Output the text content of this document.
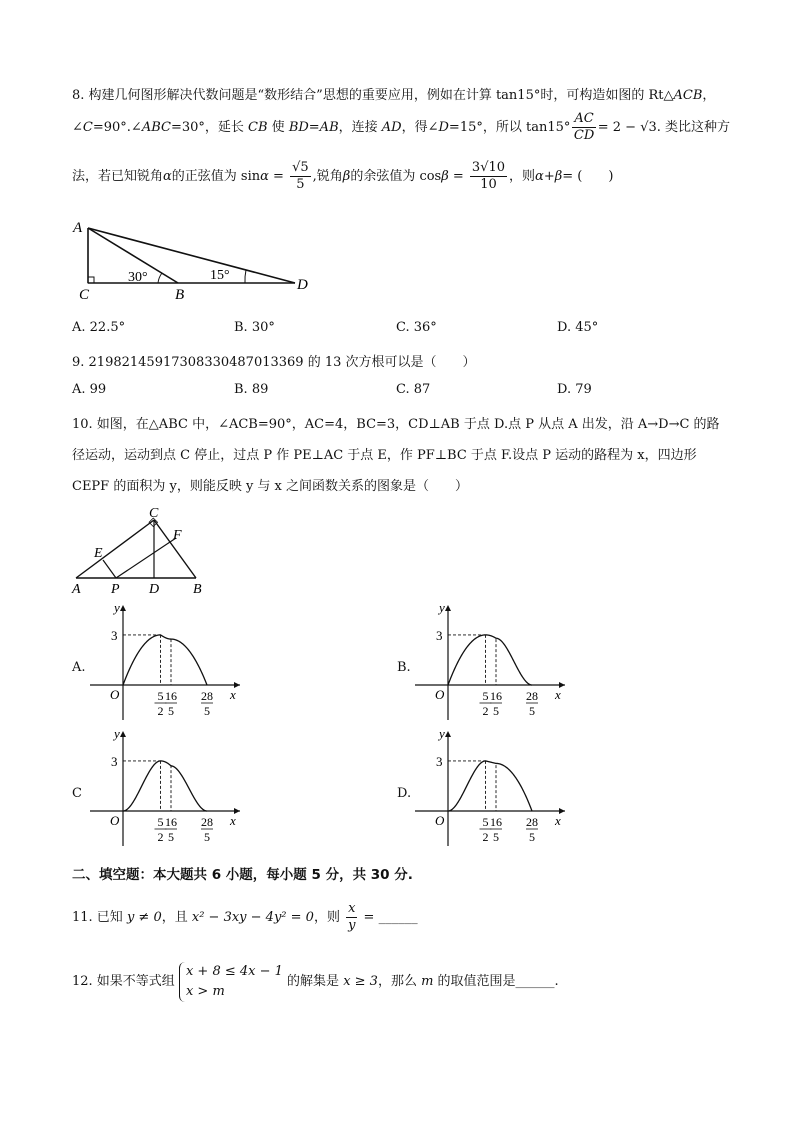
8. 构建几何图形解决代数问题是“数形结合”思想的重要应用，例如在计算 tan15°时，可构造如图的 Rt△ACB，
∠C=90°.∠ABC=30°，延长 CB 使 BD=AB，连接 AD，得∠D=15°，所以 $\tan 15^\circ \frac{AC}{CD} = 2 - √3$. 类比这种方
法，若已知锐角α的正弦值为 $\sin\alpha = \frac{√5}{5}$ ,锐角β的余弦值为 $\cos\beta = \frac{3√10}{10}$ ，则α+β= (　　)
A
C	B
D
30°	15°
A. 22.5°	B. 30°	C. 36°	D. 45°
9. 2198214591730833048701336​9 的 13 次方根可以是（　　）
A. 99	B. 89	C. 87	D. 79
10. 如图，在△ABC 中，∠ACB=90°，AC=4，BC=3，CD⊥AB 于点 D.点 P 从点 A 出发，沿 A→D→C 的路
径运动，运动到点 C 停止，过点 P 作 PE⊥AC 于点 E，作 PF⊥BC 于点 F.设点 P 运动的路程为 x，四边形
CEPF 的面积为 y，则能反映 y 与 x 之间函数关系的图象是（　　）
C
F
E
A P D B
A.	B.
C	D.
y
x
O
3
5
2
16
5
28
5
y
x
O
3
5
2
16
5
28
5
y
x
O
3
5
2
16
5
28
5
y
x
O
3
5
2
16
5
28
5
二、填空题：本大题共 6 小题，每小题 5 分，共 30 分.
11. 已知 y ≠ 0，且 x² − 3xy − 4y² = 0，则 $\frac{x}{y}$ = ______
12. 如果不等式组
x + 8 ≤ 4x − 1
x > m
的解集是 x ≥ 3，那么 m 的取值范围是______.
